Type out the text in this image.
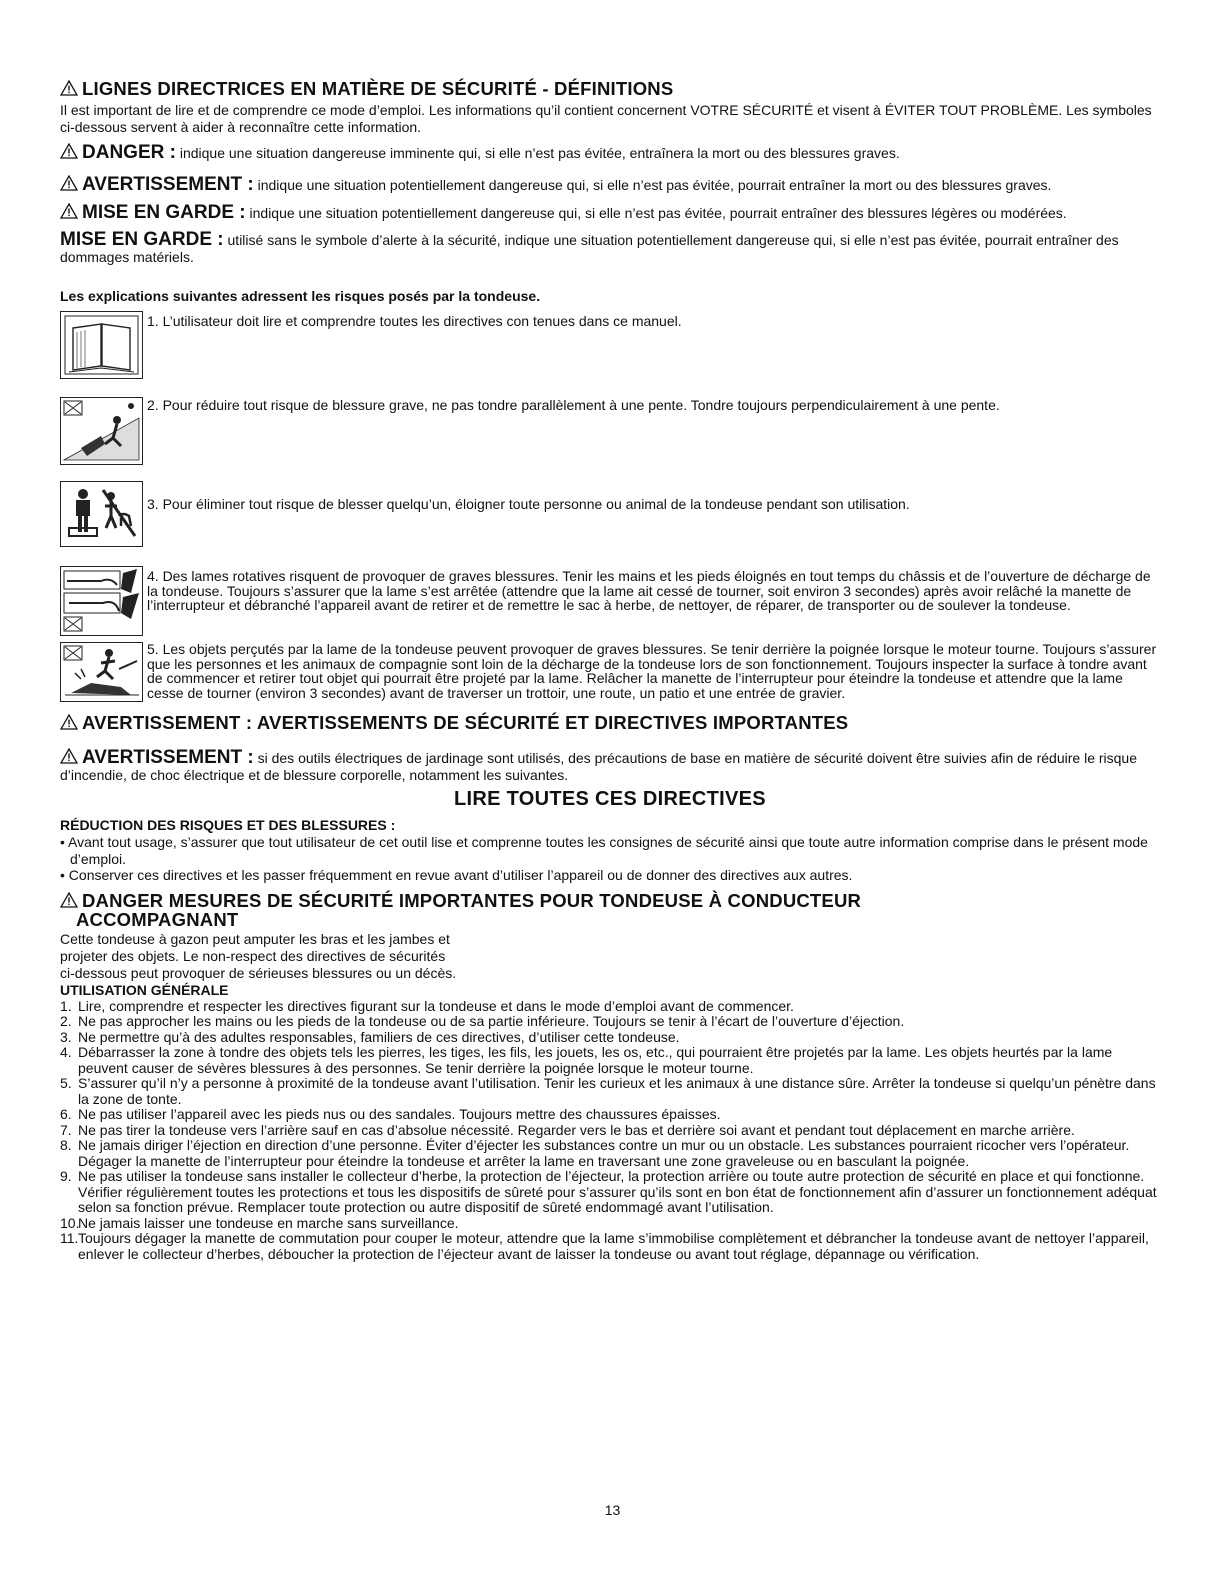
LIGNES DIRECTRICES EN MATIÈRE DE SÉCURITÉ - DÉFINITIONS
Il est important de lire et de comprendre ce mode d’emploi. Les informations qu’il contient concernent VOTRE SÉCURITÉ et visent à ÉVITER TOUT PROBLÈME. Les symboles ci-dessous servent à aider à reconnaître cette information.
DANGER : indique une situation dangereuse imminente qui, si elle n’est pas évitée, entraînera la mort ou des blessures graves.
AVERTISSEMENT : indique une situation potentiellement dangereuse qui, si elle n’est pas évitée, pourrait entraîner la mort ou des blessures graves.
MISE EN GARDE : indique une situation potentiellement dangereuse qui, si elle n’est pas évitée, pourrait entraîner des blessures légères ou modérées.
MISE EN GARDE : utilisé sans le symbole d’alerte à la sécurité, indique une situation potentiellement dangereuse qui, si elle n’est pas évitée, pourrait entraîner des dommages matériels.
Les explications suivantes adressent les risques posés par la tondeuse.
1. L’utilisateur doit lire et comprendre toutes les directives con tenues dans ce manuel.
2. Pour réduire tout risque de blessure grave, ne pas tondre parallèlement à une pente. Tondre toujours perpendiculairement à une pente.
3. Pour éliminer tout risque de blesser quelqu’un, éloigner toute personne ou animal de la tondeuse pendant son utilisation.
4. Des lames rotatives risquent de provoquer de graves blessures. Tenir les mains et les pieds éloignés en tout temps du châssis et de l’ouverture de décharge de la tondeuse. Toujours s’assurer que la lame s’est arrêtée (attendre que la lame ait cessé de tourner, soit environ 3 secondes) après avoir relâché la manette de l’interrupteur et débranché l’appareil avant de retirer et de remettre le sac à herbe, de nettoyer, de réparer, de transporter ou de soulever la tondeuse.
5. Les objets perçutés par la lame de la tondeuse peuvent provoquer de graves blessures. Se tenir derrière la poignée lorsque le moteur tourne. Toujours s’assurer que les personnes et les animaux de compagnie sont loin de la décharge de la tondeuse lors de son fonctionnement. Toujours inspecter la surface à tondre avant de commencer et retirer tout objet qui pourrait être projeté par la lame. Relâcher la manette de l’interrupteur pour éteindre la tondeuse et attendre que la lame cesse de tourner (environ 3 secondes) avant de traverser un trottoir, une route, un patio et une entrée de gravier.
AVERTISSEMENT : AVERTISSEMENTS DE SÉCURITÉ ET DIRECTIVES IMPORTANTES
AVERTISSEMENT : si des outils électriques de jardinage sont utilisés, des précautions de base en matière de sécurité doivent être suivies afin de réduire le risque d’incendie, de choc électrique et de blessure corporelle, notamment les suivantes.
LIRE TOUTES CES DIRECTIVES
RÉDUCTION DES RISQUES ET DES BLESSURES :
• Avant tout usage, s’assurer que tout utilisateur de cet outil lise et comprenne toutes les consignes de sécurité ainsi que toute autre information comprise dans le présent mode d’emploi.
• Conserver ces directives et les passer fréquemment en revue avant d’utiliser l’appareil ou de donner des directives aux autres.
DANGER MESURES DE SÉCURITÉ IMPORTANTES POUR TONDEUSE À CONDUCTEUR
ACCOMPAGNANT
Cette tondeuse à gazon peut amputer les bras et les jambes et
projeter des objets. Le non-respect des directives de sécurités
ci-dessous peut provoquer de sérieuses blessures ou un décès.
UTILISATION GÉNÉRALE
1. Lire, comprendre et respecter les directives figurant sur la tondeuse et dans le mode d’emploi avant de commencer.
2. Ne pas approcher les mains ou les pieds de la tondeuse ou de sa partie inférieure. Toujours se tenir à l’écart de l’ouverture d’éjection.
3. Ne permettre qu’à des adultes responsables, familiers de ces directives, d’utiliser cette tondeuse.
4. Débarrasser la zone à tondre des objets tels les pierres, les tiges, les fils, les jouets, les os, etc., qui pourraient être projetés par la lame. Les objets heurtés par la lame peuvent causer de sévères blessures à des personnes. Se tenir derrière la poignée lorsque le moteur tourne.
5. S’assurer qu’il n’y a personne à proximité de la tondeuse avant l’utilisation. Tenir les curieux et les animaux à une distance sûre. Arrêter la tondeuse si quelqu’un pénètre dans la zone de tonte.
6. Ne pas utiliser l’appareil avec les pieds nus ou des sandales. Toujours mettre des chaussures épaisses.
7. Ne pas tirer la tondeuse vers l’arrière sauf en cas d’absolue nécessité. Regarder vers le bas et derrière soi avant et pendant tout déplacement en marche arrière.
8. Ne jamais diriger l’éjection en direction d’une personne. Éviter d’éjecter les substances contre un mur ou un obstacle. Les substances pourraient ricocher vers l’opérateur. Dégager la manette de l’interrupteur pour éteindre la tondeuse et arrêter la lame en traversant une zone graveleuse ou en basculant la poignée.
9. Ne pas utiliser la tondeuse sans installer le collecteur d’herbe, la protection de l’éjecteur, la protection arrière ou toute autre protection de sécurité en place et qui fonctionne. Vérifier régulièrement toutes les protections et tous les dispositifs de sûreté pour s’assurer qu’ils sont en bon état de fonctionnement afin d’assurer un fonctionnement adéquat selon sa fonction prévue. Remplacer toute protection ou autre dispositif de sûreté endommagé avant l’utilisation.
10.Ne jamais laisser une tondeuse en marche sans surveillance.
11.Toujours dégager la manette de commutation pour couper le moteur, attendre que la lame s’immobilise complètement et débrancher la tondeuse avant de nettoyer l’appareil, enlever le collecteur d’herbes, déboucher la protection de l’éjecteur avant de laisser la tondeuse ou avant tout réglage, dépannage ou vérification.
13
